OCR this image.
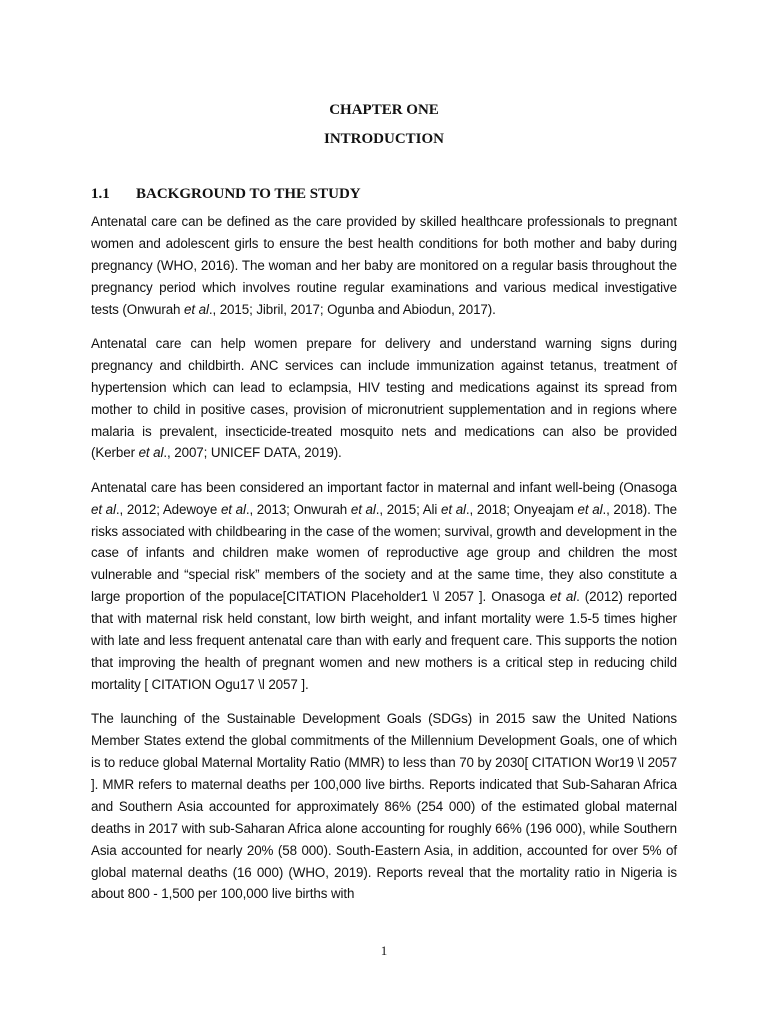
CHAPTER ONE
INTRODUCTION
1.1 BACKGROUND TO THE STUDY

Antenatal care can be defined as the care provided by skilled healthcare professionals to pregnant women and adolescent girls to ensure the best health conditions for both mother and baby during pregnancy (WHO, 2016). The woman and her baby are monitored on a regular basis throughout the pregnancy period which involves routine regular examinations and various medical investigative tests (Onwurah et al., 2015; Jibril, 2017; Ogunba and Abiodun, 2017).

Antenatal care can help women prepare for delivery and understand warning signs during pregnancy and childbirth. ANC services can include immunization against tetanus, treatment of hypertension which can lead to eclampsia, HIV testing and medications against its spread from mother to child in positive cases, provision of micronutrient supplementation and in regions where malaria is prevalent, insecticide-treated mosquito nets and medications can also be provided (Kerber et al., 2007; UNICEF DATA, 2019).

Antenatal care has been considered an important factor in maternal and infant well-being (Onasoga et al., 2012; Adewoye et al., 2013; Onwurah et al., 2015; Ali et al., 2018; Onyeajam et al., 2018). The risks associated with childbearing in the case of the women; survival, growth and development in the case of infants and children make women of reproductive age group and children the most vulnerable and “special risk” members of the society and at the same time, they also constitute a large proportion of the populace[CITATION Placeholder1 \l 2057 ]. Onasoga et al. (2012) reported that with maternal risk held constant, low birth weight, and infant mortality were 1.5-5 times higher with late and less frequent antenatal care than with early and frequent care. This supports the notion that improving the health of pregnant women and new mothers is a critical step in reducing child mortality [ CITATION Ogu17 \l 2057 ].

The launching of the Sustainable Development Goals (SDGs) in 2015 saw the United Nations Member States extend the global commitments of the Millennium Development Goals, one of which is to reduce global Maternal Mortality Ratio (MMR) to less than 70 by 2030[ CITATION Wor19 \l 2057 ]. MMR refers to maternal deaths per 100,000 live births. Reports indicated that Sub-Saharan Africa and Southern Asia accounted for approximately 86% (254 000) of the estimated global maternal deaths in 2017 with sub-Saharan Africa alone accounting for roughly 66% (196 000), while Southern Asia accounted for nearly 20% (58 000). South-Eastern Asia, in addition, accounted for over 5% of global maternal deaths (16 000) (WHO, 2019). Reports reveal that the mortality ratio in Nigeria is about 800 - 1,500 per 100,000 live births with

1
